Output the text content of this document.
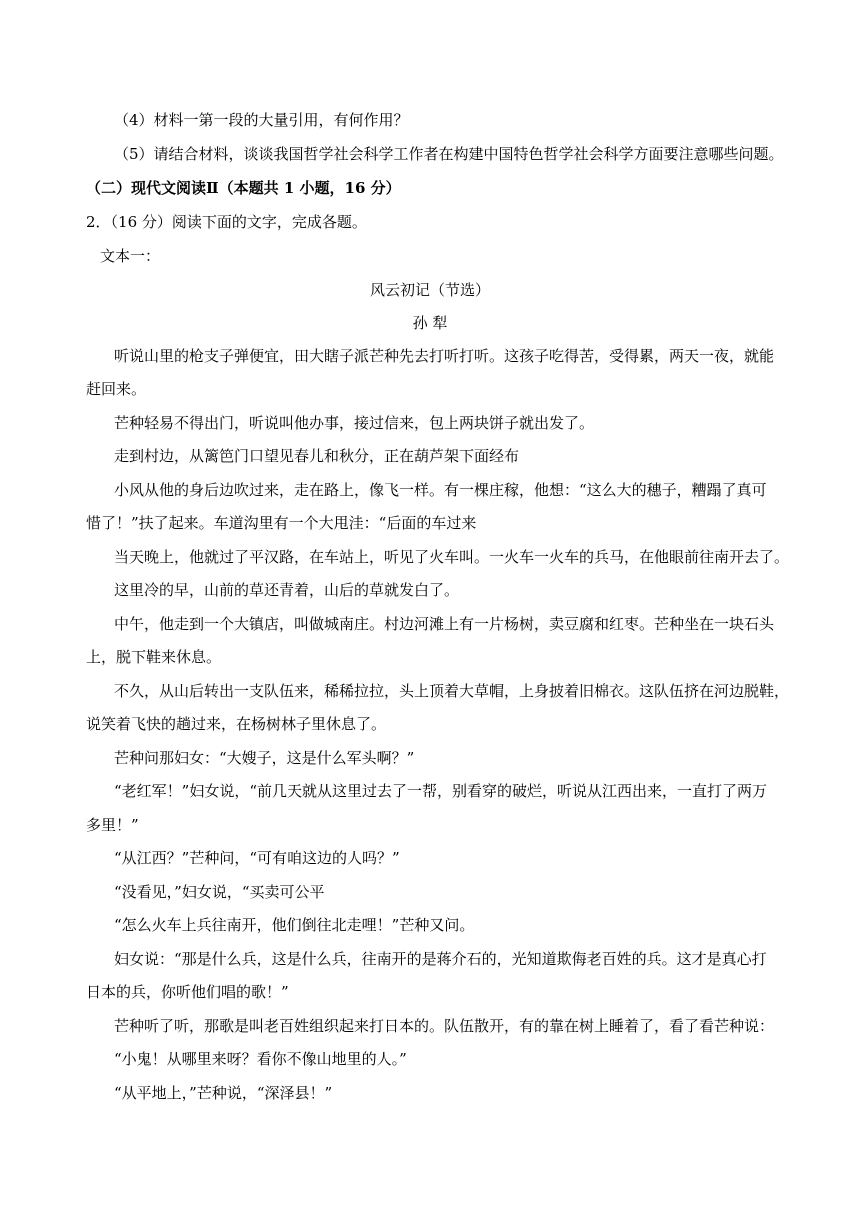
（4）材料一第一段的大量引用，有何作用？
（5）请结合材料，谈谈我国哲学社会科学工作者在构建中国特色哲学社会科学方面要注意哪些问题。
（二）现代文阅读Ⅱ（本题共 1 小题，16 分）
2．（16 分）阅读下面的文字，完成各题。
文本一：
风云初记（节选）
孙 犁
听说山里的枪支子弹便宜，田大瞎子派芒种先去打听打听。这孩子吃得苦，受得累，两天一夜，就能
赶回来。
芒种轻易不得出门，听说叫他办事，接过信来，包上两块饼子就出发了。
走到村边，从篱笆门口望见春儿和秋分，正在葫芦架下面经布
小风从他的身后边吹过来，走在路上，像飞一样。有一棵庄稼，他想：“这么大的穗子，糟蹋了真可
惜了！”扶了起来。车道沟里有一个大甩洼：“后面的车过来
当天晚上，他就过了平汉路，在车站上，听见了火车叫。一火车一火车的兵马，在他眼前往南开去了。
这里冷的早，山前的草还青着，山后的草就发白了。
中午，他走到一个大镇店，叫做城南庄。村边河滩上有一片杨树，卖豆腐和红枣。芒种坐在一块石头
上，脱下鞋来休息。
不久，从山后转出一支队伍来，稀稀拉拉，头上顶着大草帽，上身披着旧棉衣。这队伍挤在河边脱鞋，
说笑着飞快的趟过来，在杨树林子里休息了。
芒种问那妇女：“大嫂子，这是什么军头啊？”
“老红军！”妇女说，“前几天就从这里过去了一帮，别看穿的破烂，听说从江西出来，一直打了两万
多里！”
“从江西？”芒种问，“可有咱这边的人吗？”
“没看见，”妇女说，“买卖可公平
“怎么火车上兵往南开，他们倒往北走哩！”芒种又问。
妇女说：“那是什么兵，这是什么兵，往南开的是蒋介石的，光知道欺侮老百姓的兵。这才是真心打
日本的兵，你听他们唱的歌！”
芒种听了听，那歌是叫老百姓组织起来打日本的。队伍散开，有的靠在树上睡着了，看了看芒种说：
“小鬼！从哪里来呀？看你不像山地里的人。”
“从平地上，”芒种说，“深泽县！”
